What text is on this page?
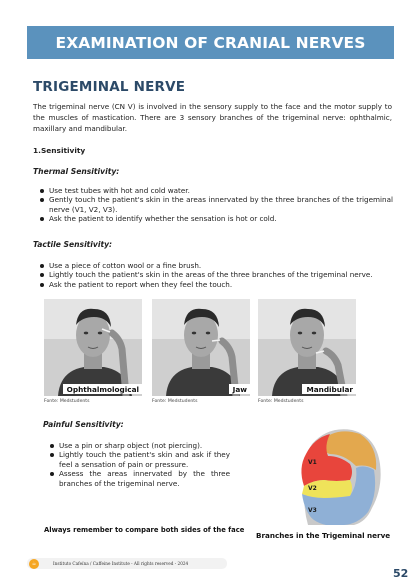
EXAMINATION OF CRANIAL NERVES
TRIGEMINAL NERVE

The trigeminal nerve (CN V) is involved in the sensory supply to the face and the motor supply to the muscles of mastication. There are 3 sensory branches of the trigeminal nerve: ophthalmic, maxillary and mandibular.

1.Sensitivity
Thermal Sensitivity:
Use test tubes with hot and cold water.
Gently touch the patient's skin in the areas innervated by the three branches of the trigeminal nerve (V1, V2, V3).
Ask the patient to identify whether the sensation is hot or cold.
Tactile Sensitivity:
Use a piece of cotton wool or a fine brush.
Lightly touch the patient's skin in the areas of the three branches of the trigeminal nerve.
Ask the patient to report when they feel the touch.
Ophthalmological
Fonte: Medstudents
Jaw
Fonte: Medstudents
Mandibular
Fonte: Medstudents
Painful Sensitivity:
Use a pin or sharp object (not piercing).
Lightly touch the patient's skin and ask if they feel a sensation of pain or pressure.
Assess the areas innervated by the three branches of the trigeminal nerve.
V1
V2
V3
Always remember to compare both sides of the face
Branches in the Trigeminal nerve
☕	Instituto Cafeína / Caffeine Institute - All rights reserved - 2024
52
